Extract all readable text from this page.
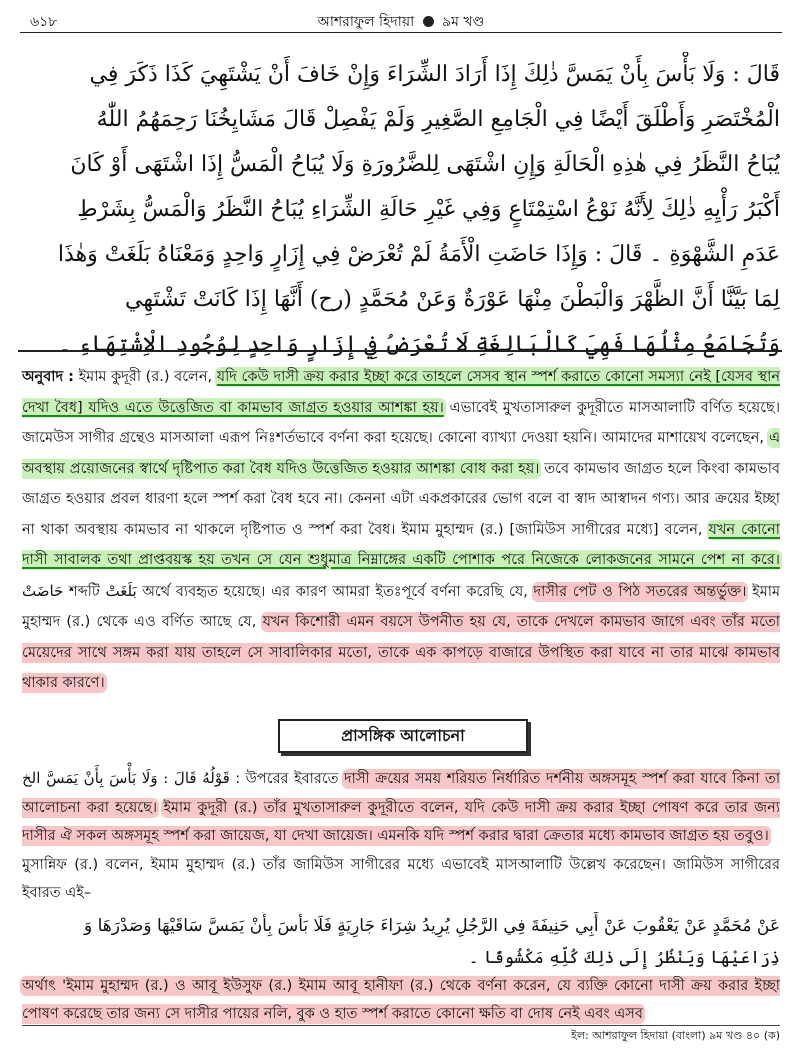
৬১৮	আশরাফুল হিদায়া ৯ম খণ্ড
قَالَ : وَلَا بَأْسَ بِأَنْ يَمَسَّ ذٰلِكَ إِذَا أَرَادَ الشِّرَاءَ وَإِنْ خَافَ أَنْ يَشْتَهِيَ كَذَا ذَكَرَ فِي
الْمُخْتَصَرِ وَأَطْلَقَ أَيْضًا فِي الْجَامِعِ الصَّغِيرِ وَلَمْ يَفْصِلْ قَالَ مَشَايِخُنَا رَحِمَهُمُ اللّٰهُ
يُبَاحُ النَّظَرُ فِي هٰذِهِ الْحَالَةِ وَإِنِ اشْتَهَى لِلضَّرُورَةِ وَلَا يُبَاحُ الْمَسُّ إِذَا اشْتَهَى أَوْ كَانَ
أَكْبَرُ رَأْيِهِ ذٰلِكَ لِأَنَّهُ نَوْعُ اسْتِمْتَاعٍ وَفِي غَيْرِ حَالَةِ الشِّرَاءِ يُبَاحُ النَّظَرُ وَالْمَسُّ بِشَرْطِ
عَدَمِ الشَّهْوَةِ ۔ قَالَ : وَإِذَا حَاضَتِ الْأَمَةُ لَمْ تُعْرَضْ فِي إِزَارٍ وَاحِدٍ وَمَعْنَاهُ بَلَغَتْ وَهٰذَا
لِمَا بَيَّنَّا أَنَّ الظَّهْرَ وَالْبَطْنَ مِنْهَا عَوْرَةٌ وَعَنْ مُحَمَّدٍ (رح) أَنَّهَا إِذَا كَانَتْ تَشْتَهِي
وَتُجَامَعُ مِثْلُهَا فَهِيَ كَالْبَالِغَةِ لَا تُعْرَضُ فِي إِزَارٍ وَاحِدٍ لِوُجُودِ الْاِشْتِهَاءِ ۔

অনুবাদ : ইমাম কুদূরী (র.) বলেন, যদি কেউ দাসী ক্রয় করার ইচ্ছা করে তাহলে সেসব স্থান স্পর্শ করাতে কোনো সমস্যা নেই [যেসব স্থান দেখা বৈধ] যদিও এতে উত্তেজিত বা কামভাব জাগ্রত হওয়ার আশঙ্কা হয়। এভাবেই মুখতাসারুল কুদূরীতে মাসআলাটি বর্ণিত হয়েছে। জামেউস সাগীর গ্রন্থেও মাসআলা এরূপ নিঃশর্তভাবে বর্ণনা করা হয়েছে। কোনো ব্যাখ্যা দেওয়া হয়নি। আমাদের মাশায়েখ বলেছেন, এ অবস্থায় প্রয়োজনের স্বার্থে দৃষ্টিপাত করা বৈধ যদিও উত্তেজিত হওয়ার আশঙ্কা বোধ করা হয়। তবে কামভাব জাগ্রত হলে কিংবা কামভাব জাগ্রত হওয়ার প্রবল ধারণা হলে স্পর্শ করা বৈধ হবে না। কেননা এটা একপ্রকারের ভোগ বলে বা স্বাদ আস্বাদন গণ্য। আর ক্রয়ের ইচ্ছা না থাকা অবস্থায় কামভাব না থাকলে দৃষ্টিপাত ও স্পর্শ করা বৈধ। ইমাম মুহাম্মদ (র.) [জামিউস সাগীরের মধ্যে] বলেন, যখন কোনো দাসী সাবালক তথা প্রাপ্তবয়স্ক হয় তখন সে যেন শুধুমাত্র নিম্নাঙ্গের একটি পোশাক পরে নিজেকে লোকজনের সামনে পেশ না করে। حَاضَتْ শব্দটি بَلَغَتْ অর্থে ব্যবহৃত হয়েছে। এর কারণ আমরা ইতঃপূর্বে বর্ণনা করেছি যে, দাসীর পেট ও পিঠ সতরের অন্তর্ভুক্ত। ইমাম মুহাম্মদ (র.) থেকে এও বর্ণিত আছে যে, যখন কিশোরী এমন বয়সে উপনীত হয় যে, তাকে দেখলে কামভাব জাগে এবং তাঁর মতো মেয়েদের সাথে সঙ্গম করা যায় তাহলে সে সাবালিকার মতো, তাকে এক কাপড়ে বাজারে উপস্থিত করা যাবে না তার মাঝে কামভাব থাকার কারণে।

প্রাসঙ্গিক আলোচনা

قَوْلُهُ قَالَ : وَلَا بَأْسَ بِأَنْ يَمَسَّ الخ : উপরের ইবারতে দাসী ক্রয়ের সময় শরিয়ত নির্ধারিত দর্শনীয় অঙ্গসমূহ স্পর্শ করা যাবে কিনা তা আলোচনা করা হয়েছে। ইমাম কুদূরী (র.) তাঁর মুখতাসারুল কুদূরীতে বলেন, যদি কেউ দাসী ক্রয় করার ইচ্ছা পোষণ করে তার জন্য দাসীর ঐ সকল অঙ্গসমূহ স্পর্শ করা জায়েজ, যা দেখা জায়েজ। এমনকি যদি স্পর্শ করার দ্বারা ক্রেতার মধ্যে কামভাব জাগ্রত হয় তবুও।

মুসান্নিফ (র.) বলেন, ইমাম মুহাম্মদ (র.) তাঁর জামিউস সাগীরের মধ্যে এভাবেই মাসআলাটি উল্লেখ করেছেন। জামিউস সাগীরের ইবারত এই–

عَنْ مُحَمَّدٍ عَنْ يَعْقُوبَ عَنْ أَبِي حَنِيفَةَ فِي الرَّجُلِ يُرِيدُ شِرَاءَ جَارِيَةٍ فَلَا بَأْسَ بِأَنْ يَمَسَّ سَاقَيْهَا وَصَدْرَهَا وَ
ذِرَاعَيْهَا وَيَنْظُرُ إِلَى ذٰلِكَ كُلِّهِ مَكْشُوفًا ۔

অর্থাৎ 'ইমাম মুহাম্মদ (র.) ও আবূ ইউসুফ (র.) ইমাম আবূ হানীফা (র.) থেকে বর্ণনা করেন, যে ব্যক্তি কোনো দাসী ক্রয় করার ইচ্ছা পোষণ করেছে তার জন্য সে দাসীর পায়ের নলি, বুক ও হাত স্পর্শ করাতে কোনো ক্ষতি বা দোষ নেই এবং এসব

ইল: আশরাফুল হিদায়া (বাংলা) ৯ম খণ্ড ৪০ (ক)
